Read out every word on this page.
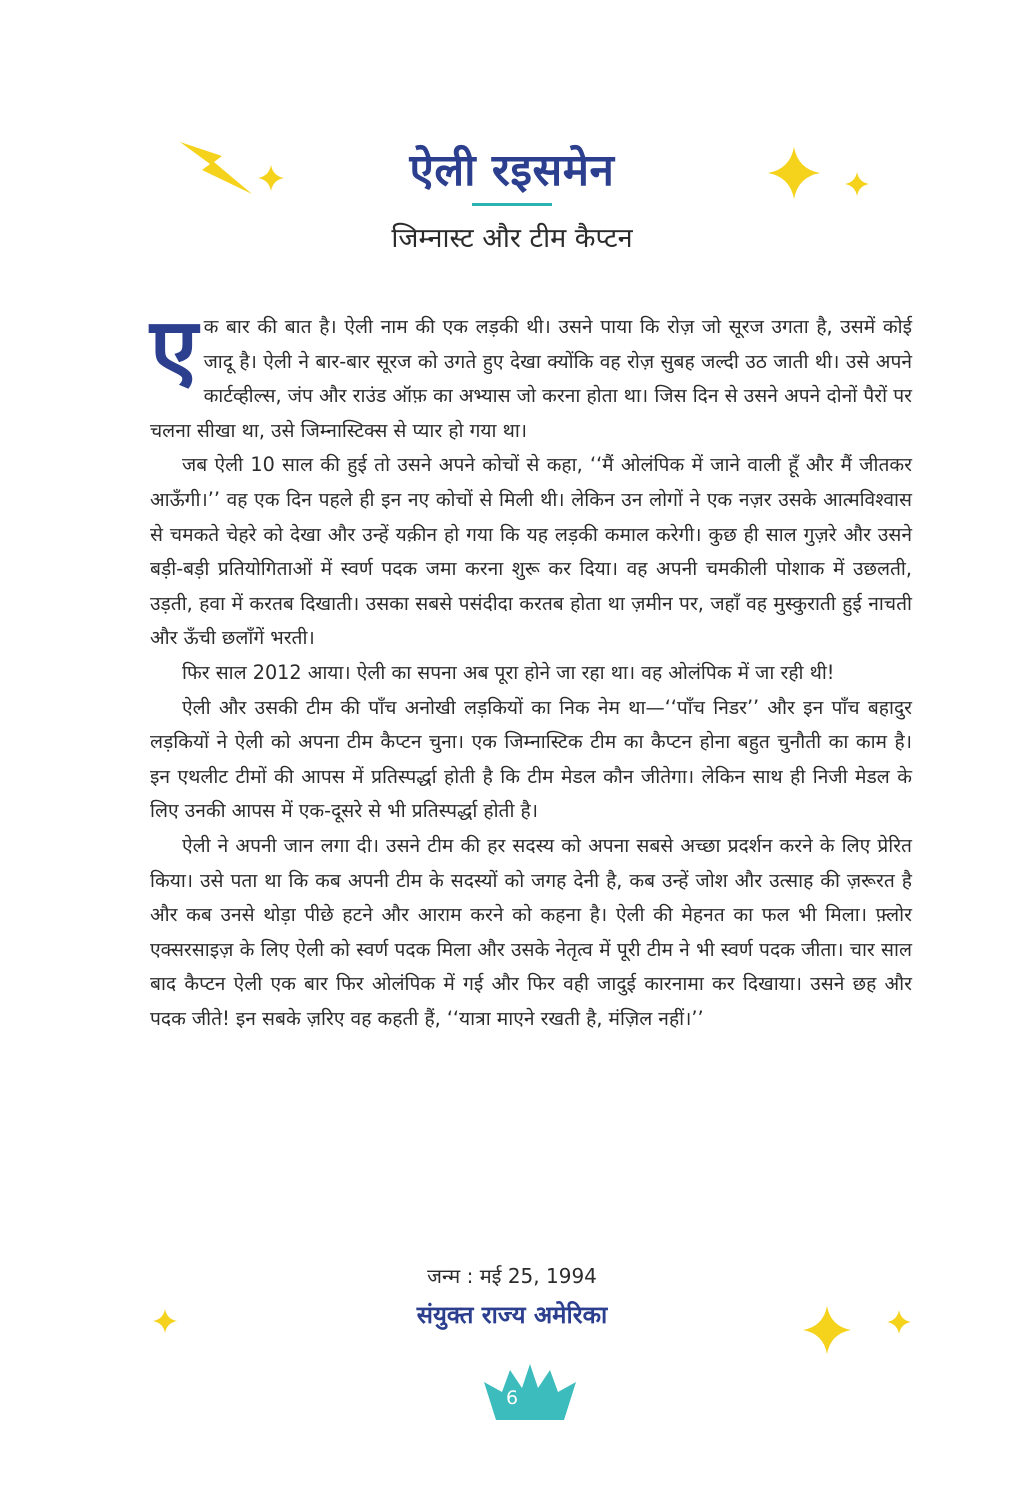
ऐली रइसमेन
जिम्नास्ट और टीम कैप्टन

एक बार की बात है। ऐली नाम की एक लड़की थी। उसने पाया कि रोज़ जो सूरज उगता है, उसमें कोई जादू है। ऐली ने बार-बार सूरज को उगते हुए देखा क्योंकि वह रोज़ सुबह जल्दी उठ जाती थी। उसे अपने कार्टव्हील्स, जंप और राउंड ऑफ़ का अभ्यास जो करना होता था। जिस दिन से उसने अपने दोनों पैरों पर चलना सीखा था, उसे जिम्नास्टिक्स से प्यार हो गया था।

जब ऐली 10 साल की हुई तो उसने अपने कोचों से कहा, ‘‘मैं ओलंपिक में जाने वाली हूँ और मैं जीतकर आऊँगी।’’ वह एक दिन पहले ही इन नए कोचों से मिली थी। लेकिन उन लोगों ने एक नज़र उसके आत्मविश्वास से चमकते चेहरे को देखा और उन्हें यक़ीन हो गया कि यह लड़की कमाल करेगी। कुछ ही साल गुज़रे और उसने बड़ी-बड़ी प्रतियोगिताओं में स्वर्ण पदक जमा करना शुरू कर दिया। वह अपनी चमकीली पोशाक में उछलती, उड़ती, हवा में करतब दिखाती। उसका सबसे पसंदीदा करतब होता था ज़मीन पर, जहाँ वह मुस्कुराती हुई नाचती और ऊँची छलाँगें भरती।

फिर साल 2012 आया। ऐली का सपना अब पूरा होने जा रहा था। वह ओलंपिक में जा रही थी!

ऐली और उसकी टीम की पाँच अनोखी लड़कियों का निक नेम था—‘‘पाँच निडर’’ और इन पाँच बहादुर लड़कियों ने ऐली को अपना टीम कैप्टन चुना। एक जिम्नास्टिक टीम का कैप्टन होना बहुत चुनौती का काम है। इन एथलीट टीमों की आपस में प्रतिस्पर्द्धा होती है कि टीम मेडल कौन जीतेगा। लेकिन साथ ही निजी मेडल के लिए उनकी आपस में एक-दूसरे से भी प्रतिस्पर्द्धा होती है।

ऐली ने अपनी जान लगा दी। उसने टीम की हर सदस्य को अपना सबसे अच्छा प्रदर्शन करने के लिए प्रेरित किया। उसे पता था कि कब अपनी टीम के सदस्यों को जगह देनी है, कब उन्हें जोश और उत्साह की ज़रूरत है और कब उनसे थोड़ा पीछे हटने और आराम करने को कहना है। ऐली की मेहनत का फल भी मिला। फ़्लोर एक्सरसाइज़ के लिए ऐली को स्वर्ण पदक मिला और उसके नेतृत्व में पूरी टीम ने भी स्वर्ण पदक जीता। चार साल बाद कैप्टन ऐली एक बार फिर ओलंपिक में गई और फिर वही जादुई कारनामा कर दिखाया। उसने छह और पदक जीते! इन सबके ज़रिए वह कहती हैं, ‘‘यात्रा माएने रखती है, मंज़िल नहीं।’’

जन्म : मई 25, 1994
संयुक्त राज्य अमेरिका
6
